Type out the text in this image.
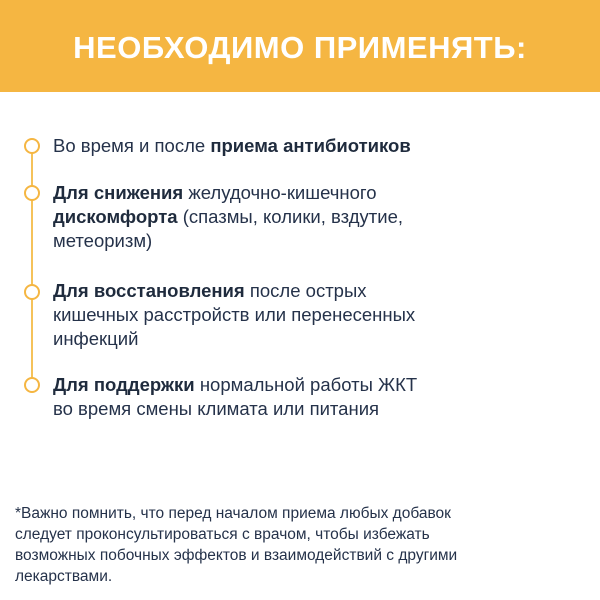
НЕОБХОДИМО ПРИМЕНЯТЬ:
Во время и после приема антибиотиков
Для снижения желудочно-кишечного
дискомфорта (спазмы, колики, вздутие,
метеоризм)
Для восстановления после острых
кишечных расстройств или перенесенных
инфекций
Для поддержки нормальной работы ЖКТ
во время смены климата или питания
*Важно помнить, что перед началом приема любых добавок
следует проконсультироваться с врачом, чтобы избежать
возможных побочных эффектов и взаимодействий с другими
лекарствами.
